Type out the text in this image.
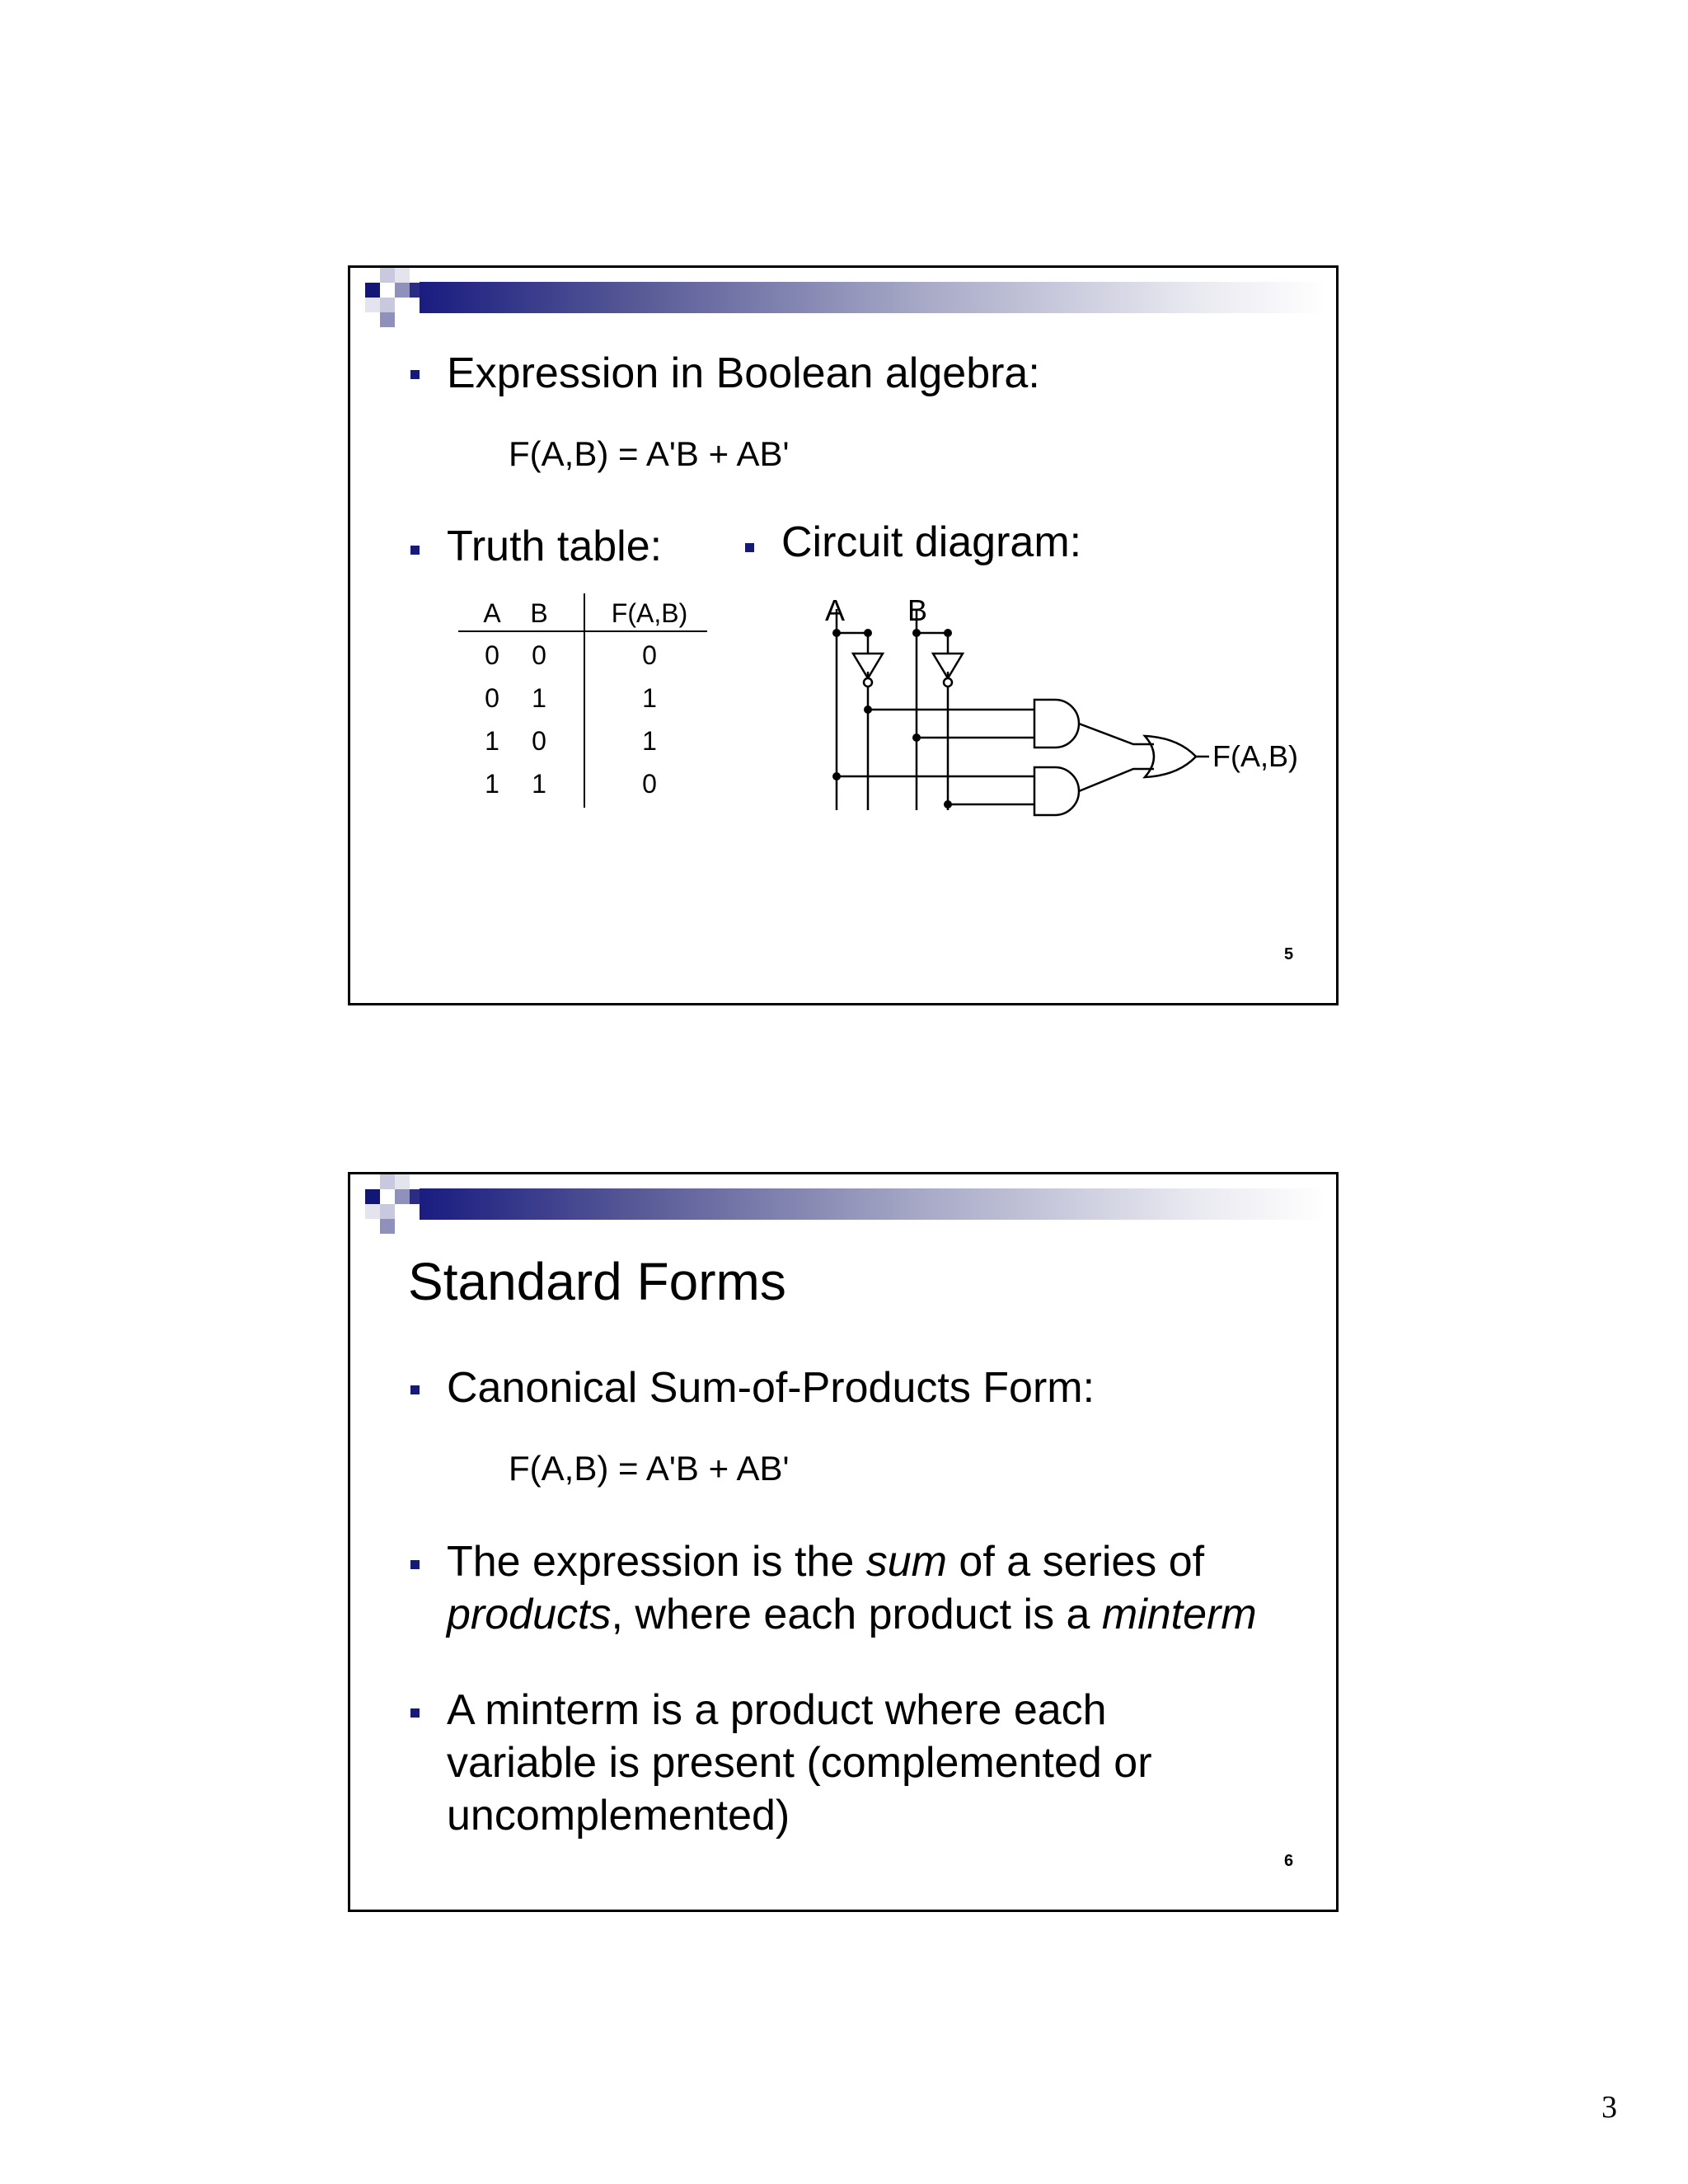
Expression in Boolean algebra:
F(A,B) = A'B + AB'
Truth table:	Circuit diagram:
A B	F(A,B)
0	0	0
0	1	1
1	0	1
1	1	0
A B
F(A,B)
5
Standard Forms
Canonical Sum-of-Products Form:
F(A,B) = A'B + AB'
The expression is the sum of a series of
products, where each product is a minterm
A minterm is a product where each
variable is present (complemented or
uncomplemented)
6
3
